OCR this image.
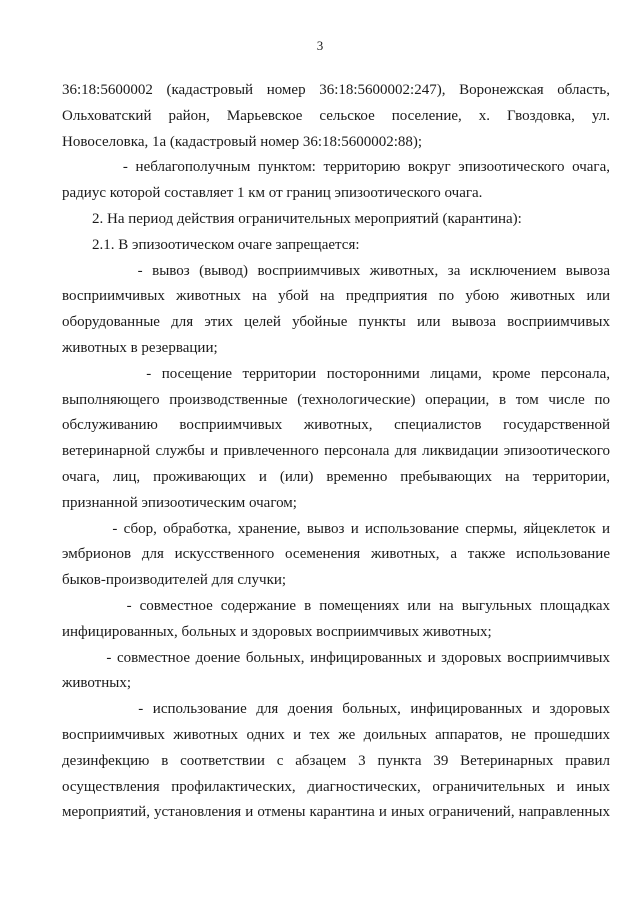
3
36:18:5600002 (кадастровый номер 36:18:5600002:247), Воронежская область,
Ольховатский район, Марьевское сельское поселение, х. Гвоздовка, ул.
Новоселовка, 1а (кадастровый номер 36:18:5600002:88);
- неблагополучным пунктом: территорию вокруг эпизоотического очага,
радиус которой составляет 1 км от границ эпизоотического очага.
2. На период действия ограничительных мероприятий (карантина):
2.1. В эпизоотическом очаге запрещается:
- вывоз (вывод) восприимчивых животных, за исключением вывоза
восприимчивых животных на убой на предприятия по убою животных или
оборудованные для этих целей убойные пункты или вывоза восприимчивых
животных в резервации;
- посещение территории посторонними лицами, кроме персонала,
выполняющего производственные (технологические) операции, в том числе по
обслуживанию восприимчивых животных, специалистов государственной
ветеринарной службы и привлеченного персонала для ликвидации эпизоотического
очага, лиц, проживающих и (или) временно пребывающих на территории,
признанной эпизоотическим очагом;
- сбор, обработка, хранение, вывоз и использование спермы, яйцеклеток и
эмбрионов для искусственного осеменения животных, а также использование
быков-производителей для случки;
- совместное содержание в помещениях или на выгульных площадках
инфицированных, больных и здоровых восприимчивых животных;
- совместное доение больных, инфицированных и здоровых восприимчивых
животных;
- использование для доения больных, инфицированных и здоровых
восприимчивых животных одних и тех же доильных аппаратов, не прошедших
дезинфекцию в соответствии с абзацем 3 пункта 39 Ветеринарных правил
осуществления профилактических, диагностических, ограничительных и иных
мероприятий, установления и отмены карантина и иных ограничений, направленных
